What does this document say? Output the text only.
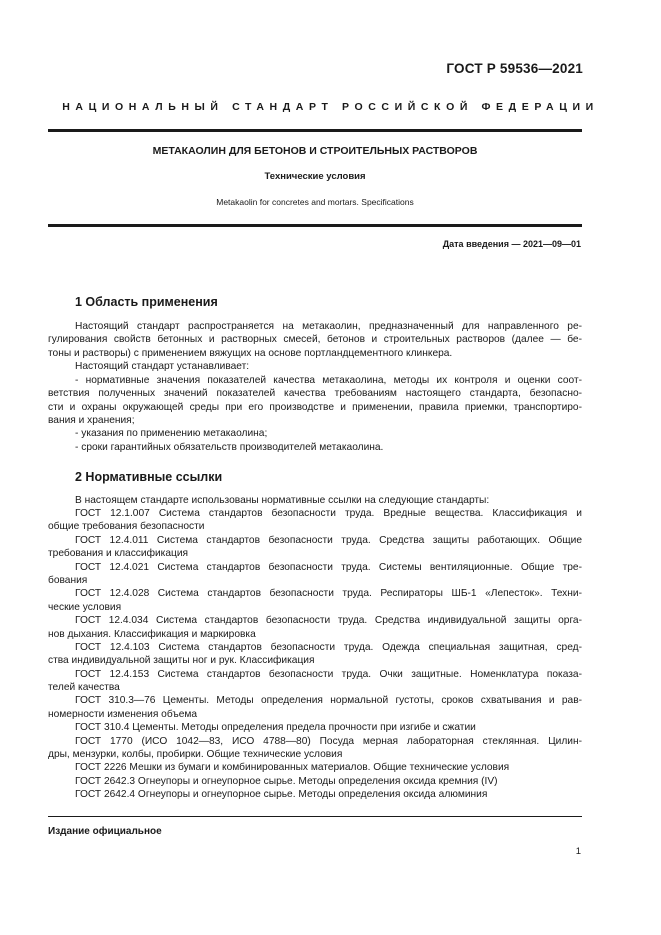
ГОСТ Р 59536—2021
НАЦИОНАЛЬНЫЙ СТАНДАРТ РОССИЙСКОЙ ФЕДЕРАЦИИ
МЕТАКАОЛИН ДЛЯ БЕТОНОВ И СТРОИТЕЛЬНЫХ РАСТВОРОВ
Технические условия
Metakaolin for concretes and mortars. Specifications
Дата введения — 2021—09—01
1 Область применения
Настоящий стандарт распространяется на метакаолин, предназначенный для направленного ре-
гулирования свойств бетонных и растворных смесей, бетонов и строительных растворов (далее — бе-
тоны и растворы) с применением вяжущих на основе портландцементного клинкера.
Настоящий стандарт устанавливает:
- нормативные значения показателей качества метакаолина, методы их контроля и оценки соот-
ветствия полученных значений показателей качества требованиям настоящего стандарта, безопасно-
сти и охраны окружающей среды при его производстве и применении, правила приемки, транспортиро-
вания и хранения;
- указания по применению метакаолина;
- сроки гарантийных обязательств производителей метакаолина.
2 Нормативные ссылки
В настоящем стандарте использованы нормативные ссылки на следующие стандарты:
ГОСТ 12.1.007 Система стандартов безопасности труда. Вредные вещества. Классификация и
общие требования безопасности
ГОСТ 12.4.011 Система стандартов безопасности труда. Средства защиты работающих. Общие
требования и классификация
ГОСТ 12.4.021 Система стандартов безопасности труда. Системы вентиляционные. Общие тре-
бования
ГОСТ 12.4.028 Система стандартов безопасности труда. Респираторы ШБ-1 «Лепесток». Техни-
ческие условия
ГОСТ 12.4.034 Система стандартов безопасности труда. Средства индивидуальной защиты орга-
нов дыхания. Классификация и маркировка
ГОСТ 12.4.103 Система стандартов безопасности труда. Одежда специальная защитная, сред-
ства индивидуальной защиты ног и рук. Классификация
ГОСТ 12.4.153 Система стандартов безопасности труда. Очки защитные. Номенклатура показа-
телей качества
ГОСТ 310.3—76 Цементы. Методы определения нормальной густоты, сроков схватывания и рав-
номерности изменения объема
ГОСТ 310.4 Цементы. Методы определения предела прочности при изгибе и сжатии
ГОСТ 1770 (ИСО 1042—83, ИСО 4788—80) Посуда мерная лабораторная стеклянная. Цилин-
дры, мензурки, колбы, пробирки. Общие технические условия
ГОСТ 2226 Мешки из бумаги и комбинированных материалов. Общие технические условия
ГОСТ 2642.3 Огнеупоры и огнеупорное сырье. Методы определения оксида кремния (IV)
ГОСТ 2642.4 Огнеупоры и огнеупорное сырье. Методы определения оксида алюминия
Издание официальное
1
